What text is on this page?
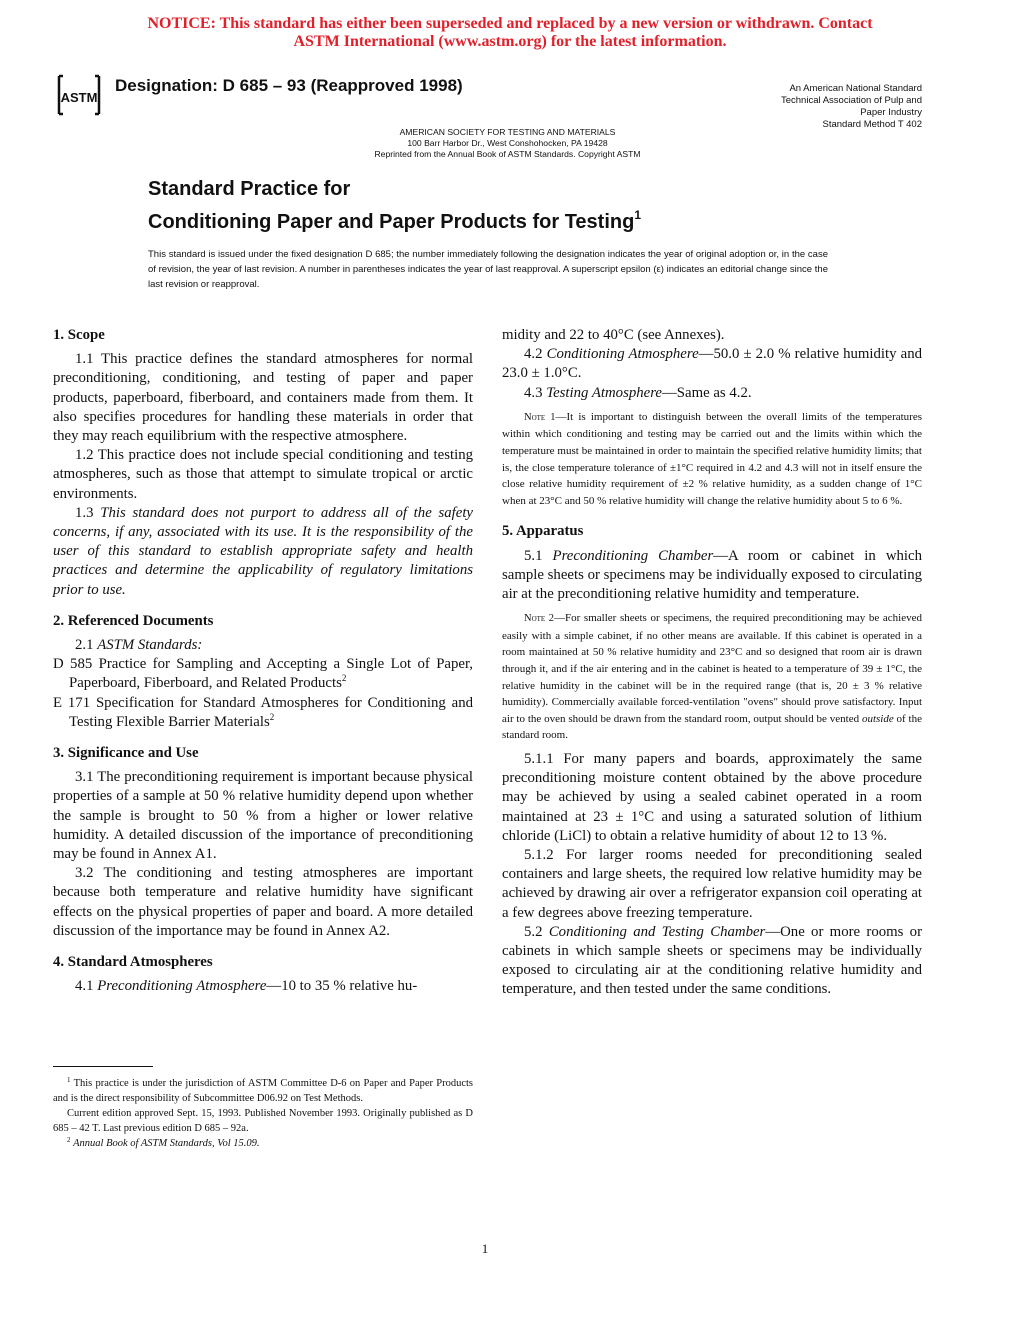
NOTICE: This standard has either been superseded and replaced by a new version or withdrawn. Contact
ASTM International (www.astm.org) for the latest information.
ASTM
Designation: D 685 – 93 (Reapproved 1998)	An American National Standard
Technical Association of Pulp and
Paper Industry
Standard Method T 402
AMERICAN SOCIETY FOR TESTING AND MATERIALS
100 Barr Harbor Dr., West Conshohocken, PA 19428
Reprinted from the Annual Book of ASTM Standards. Copyright ASTM
Standard Practice for
Conditioning Paper and Paper Products for Testing$^1$
This standard is issued under the fixed designation D 685; the number immediately following the designation indicates the year of original adoption or, in the case of revision, the year of last revision. A number in parentheses indicates the year of last reapproval. A superscript epsilon (ε) indicates an editorial change since the last revision or reapproval.
1. Scope

1.1 This practice defines the standard atmospheres for normal preconditioning, conditioning, and testing of paper and paper products, paperboard, fiberboard, and containers made from them. It also specifies procedures for handling these materials in order that they may reach equilibrium with the respective atmosphere.

1.2 This practice does not include special conditioning and testing atmospheres, such as those that attempt to simulate tropical or arctic environments.

1.3 This standard does not purport to address all of the safety concerns, if any, associated with its use. It is the responsibility of the user of this standard to establish appropriate safety and health practices and determine the applicability of regulatory limitations prior to use.

2. Referenced Documents

2.1 ASTM Standards:

D 585 Practice for Sampling and Accepting a Single Lot of Paper, Paperboard, Fiberboard, and Related Products$^2$

E 171 Specification for Standard Atmospheres for Conditioning and Testing Flexible Barrier Materials$^2$

3. Significance and Use

3.1 The preconditioning requirement is important because physical properties of a sample at 50 % relative humidity depend upon whether the sample is brought to 50 % from a higher or lower relative humidity. A detailed discussion of the importance of preconditioning may be found in Annex A1.

3.2 The conditioning and testing atmospheres are important because both temperature and relative humidity have significant effects on the physical properties of paper and board. A more detailed discussion of the importance may be found in Annex A2.

4. Standard Atmospheres

4.1 Preconditioning Atmosphere—10 to 35 % relative hu-

$^1$ This practice is under the jurisdiction of ASTM Committee D-6 on Paper and Paper Products and is the direct responsibility of Subcommittee D06.92 on Test Methods.

Current edition approved Sept. 15, 1993. Published November 1993. Originally published as D 685 – 42 T. Last previous edition D 685 – 92a.

$^2$ Annual Book of ASTM Standards, Vol 15.09.

midity and 22 to 40°C (see Annexes).

4.2 Conditioning Atmosphere—50.0 ± 2.0 % relative humidity and 23.0 ± 1.0°C.

4.3 Testing Atmosphere—Same as 4.2.

Note 1—It is important to distinguish between the overall limits of the temperatures within which conditioning and testing may be carried out and the limits within which the temperature must be maintained in order to maintain the specified relative humidity limits; that is, the close temperature tolerance of ±1°C required in 4.2 and 4.3 will not in itself ensure the close relative humidity requirement of ±2 % relative humidity, as a sudden change of 1°C when at 23°C and 50 % relative humidity will change the relative humidity about 5 to 6 %.

5. Apparatus

5.1 Preconditioning Chamber—A room or cabinet in which sample sheets or specimens may be individually exposed to circulating air at the preconditioning relative humidity and temperature.

Note 2—For smaller sheets or specimens, the required preconditioning may be achieved easily with a simple cabinet, if no other means are available. If this cabinet is operated in a room maintained at 50 % relative humidity and 23°C and so designed that room air is drawn through it, and if the air entering and in the cabinet is heated to a temperature of 39 ± 1°C, the relative humidity in the cabinet will be in the required range (that is, 20 ± 3 % relative humidity). Commercially available forced-ventilation "ovens" should prove satisfactory. Input air to the oven should be drawn from the standard room, output should be vented outside of the standard room.

5.1.1 For many papers and boards, approximately the same preconditioning moisture content obtained by the above procedure may be achieved by using a sealed cabinet operated in a room maintained at 23 ± 1°C and using a saturated solution of lithium chloride (LiCl) to obtain a relative humidity of about 12 to 13 %.

5.1.2 For larger rooms needed for preconditioning sealed containers and large sheets, the required low relative humidity may be achieved by drawing air over a refrigerator expansion coil operating at a few degrees above freezing temperature.

5.2 Conditioning and Testing Chamber—One or more rooms or cabinets in which sample sheets or specimens may be individually exposed to circulating air at the conditioning relative humidity and temperature, and then tested under the same conditions.

1
